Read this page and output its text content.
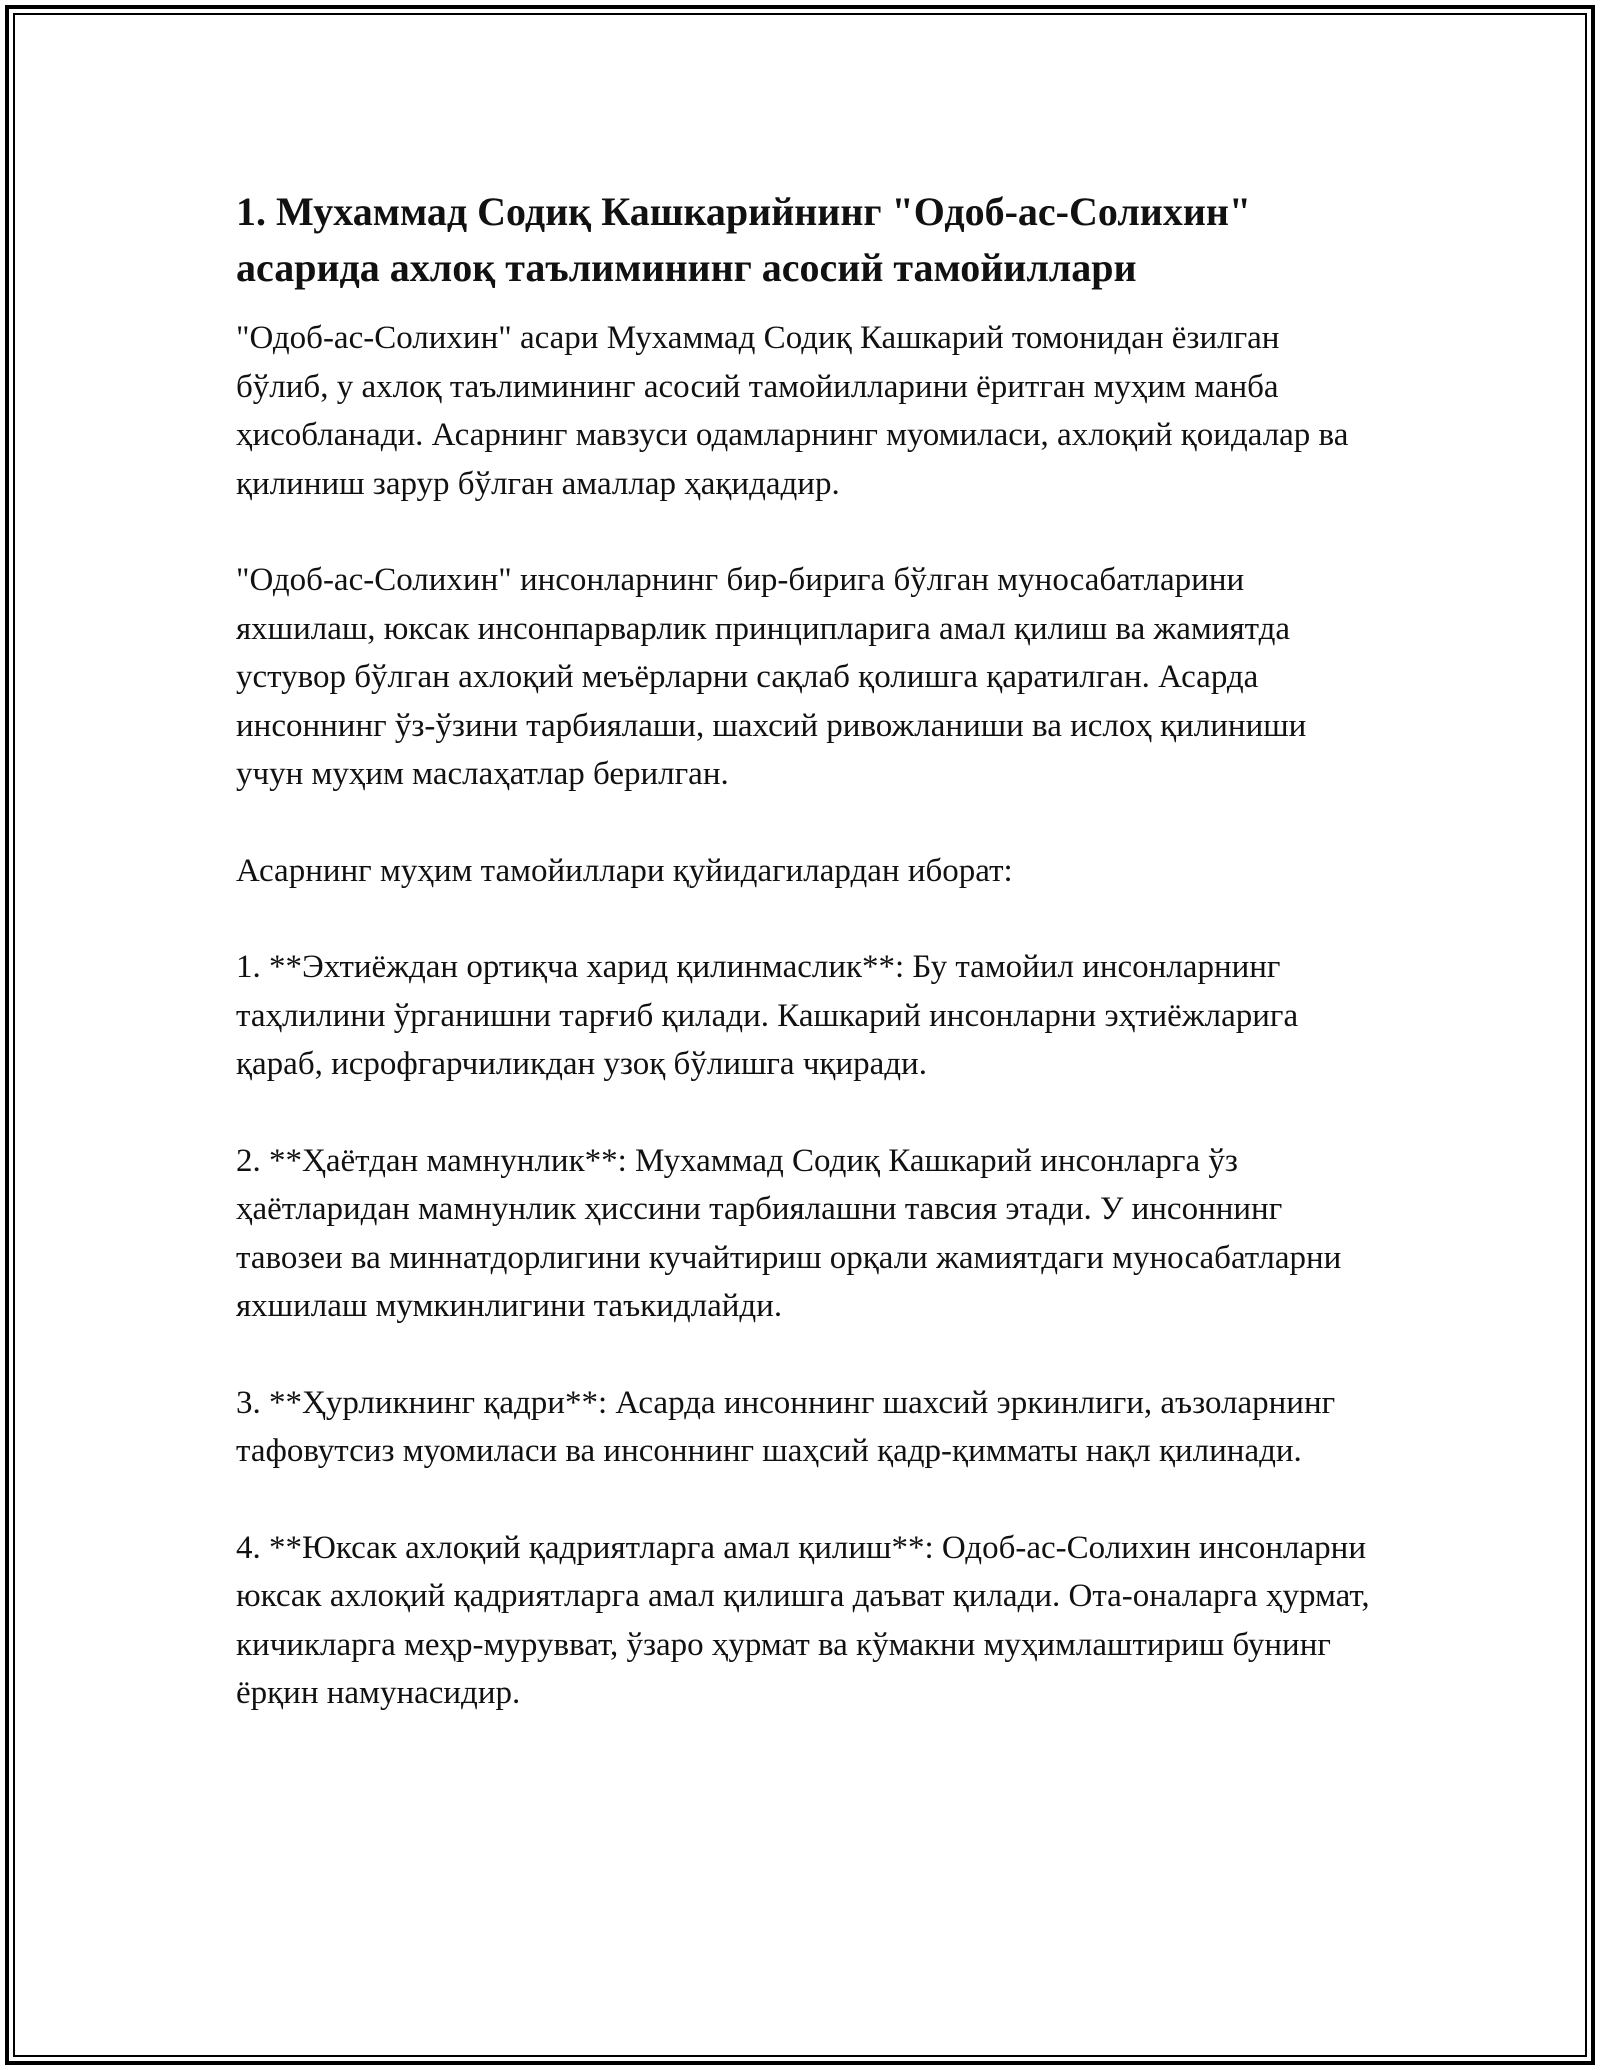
1. Мухаммад Содиқ Кашкарийнинг "Одоб-ас-Солихин" асарида ахлоқ таълимининг асосий тамойиллари

"Одоб-ас-Солихин" асари Мухаммад Содиқ Кашкарий томонидан ёзилган бўлиб, у ахлоқ таълимининг асосий тамойилларини ёритган муҳим манба ҳисобланади. Асарнинг мавзуси одамларнинг муомиласи, ахлоқий қоидалар ва қилиниш зарур бўлган амаллар ҳақидадир.

"Одоб-ас-Солихин" инсонларнинг бир-бирига бўлган муносабатларини яхшилаш, юксак инсонпарварлик принципларига амал қилиш ва жамиятда устувор бўлган ахлоқий меъёрларни сақлаб қолишга қаратилган. Асарда инсоннинг ўз-ўзини тарбиялаши, шахсий ривожланиши ва ислоҳ қилиниши учун муҳим маслаҳатлар берилган.

Асарнинг муҳим тамойиллари қуйидагилардан иборат:

1. **Эхтиёждан ортиқча харид қилинмаслик**: Бу тамойил инсонларнинг таҳлилини ўрганишни тарғиб қилади. Кашкарий инсонларни эҳтиёжларига қараб, исрофгарчиликдан узоқ бўлишга чқиради.

2. **Ҳаётдан мамнунлик**: Мухаммад Содиқ Кашкарий инсонларга ўз ҳаётларидан мамнунлик ҳиссини тарбиялашни тавсия этади. У инсоннинг тавозеи ва миннатдорлигини кучайтириш орқали жамиятдаги муносабатларни яхшилаш мумкинлигини таъкидлайди.

3. **Ҳурликнинг қадри**: Асарда инсоннинг шахсий эркинлиги, аъзоларнинг тафовутсиз муомиласи ва инсоннинг шаҳсий қадр-қимматы нақл қилинади.

4. **Юксак ахлоқий қадриятларга амал қилиш**: Одоб-ас-Солихин инсонларни юксак ахлоқий қадриятларга амал қилишга даъват қилади. Ота-оналарга ҳурмат, кичикларга меҳр-мурувват, ўзаро ҳурмат ва кўмакни муҳимлаштириш бунинг ёрқин намунасидир.
